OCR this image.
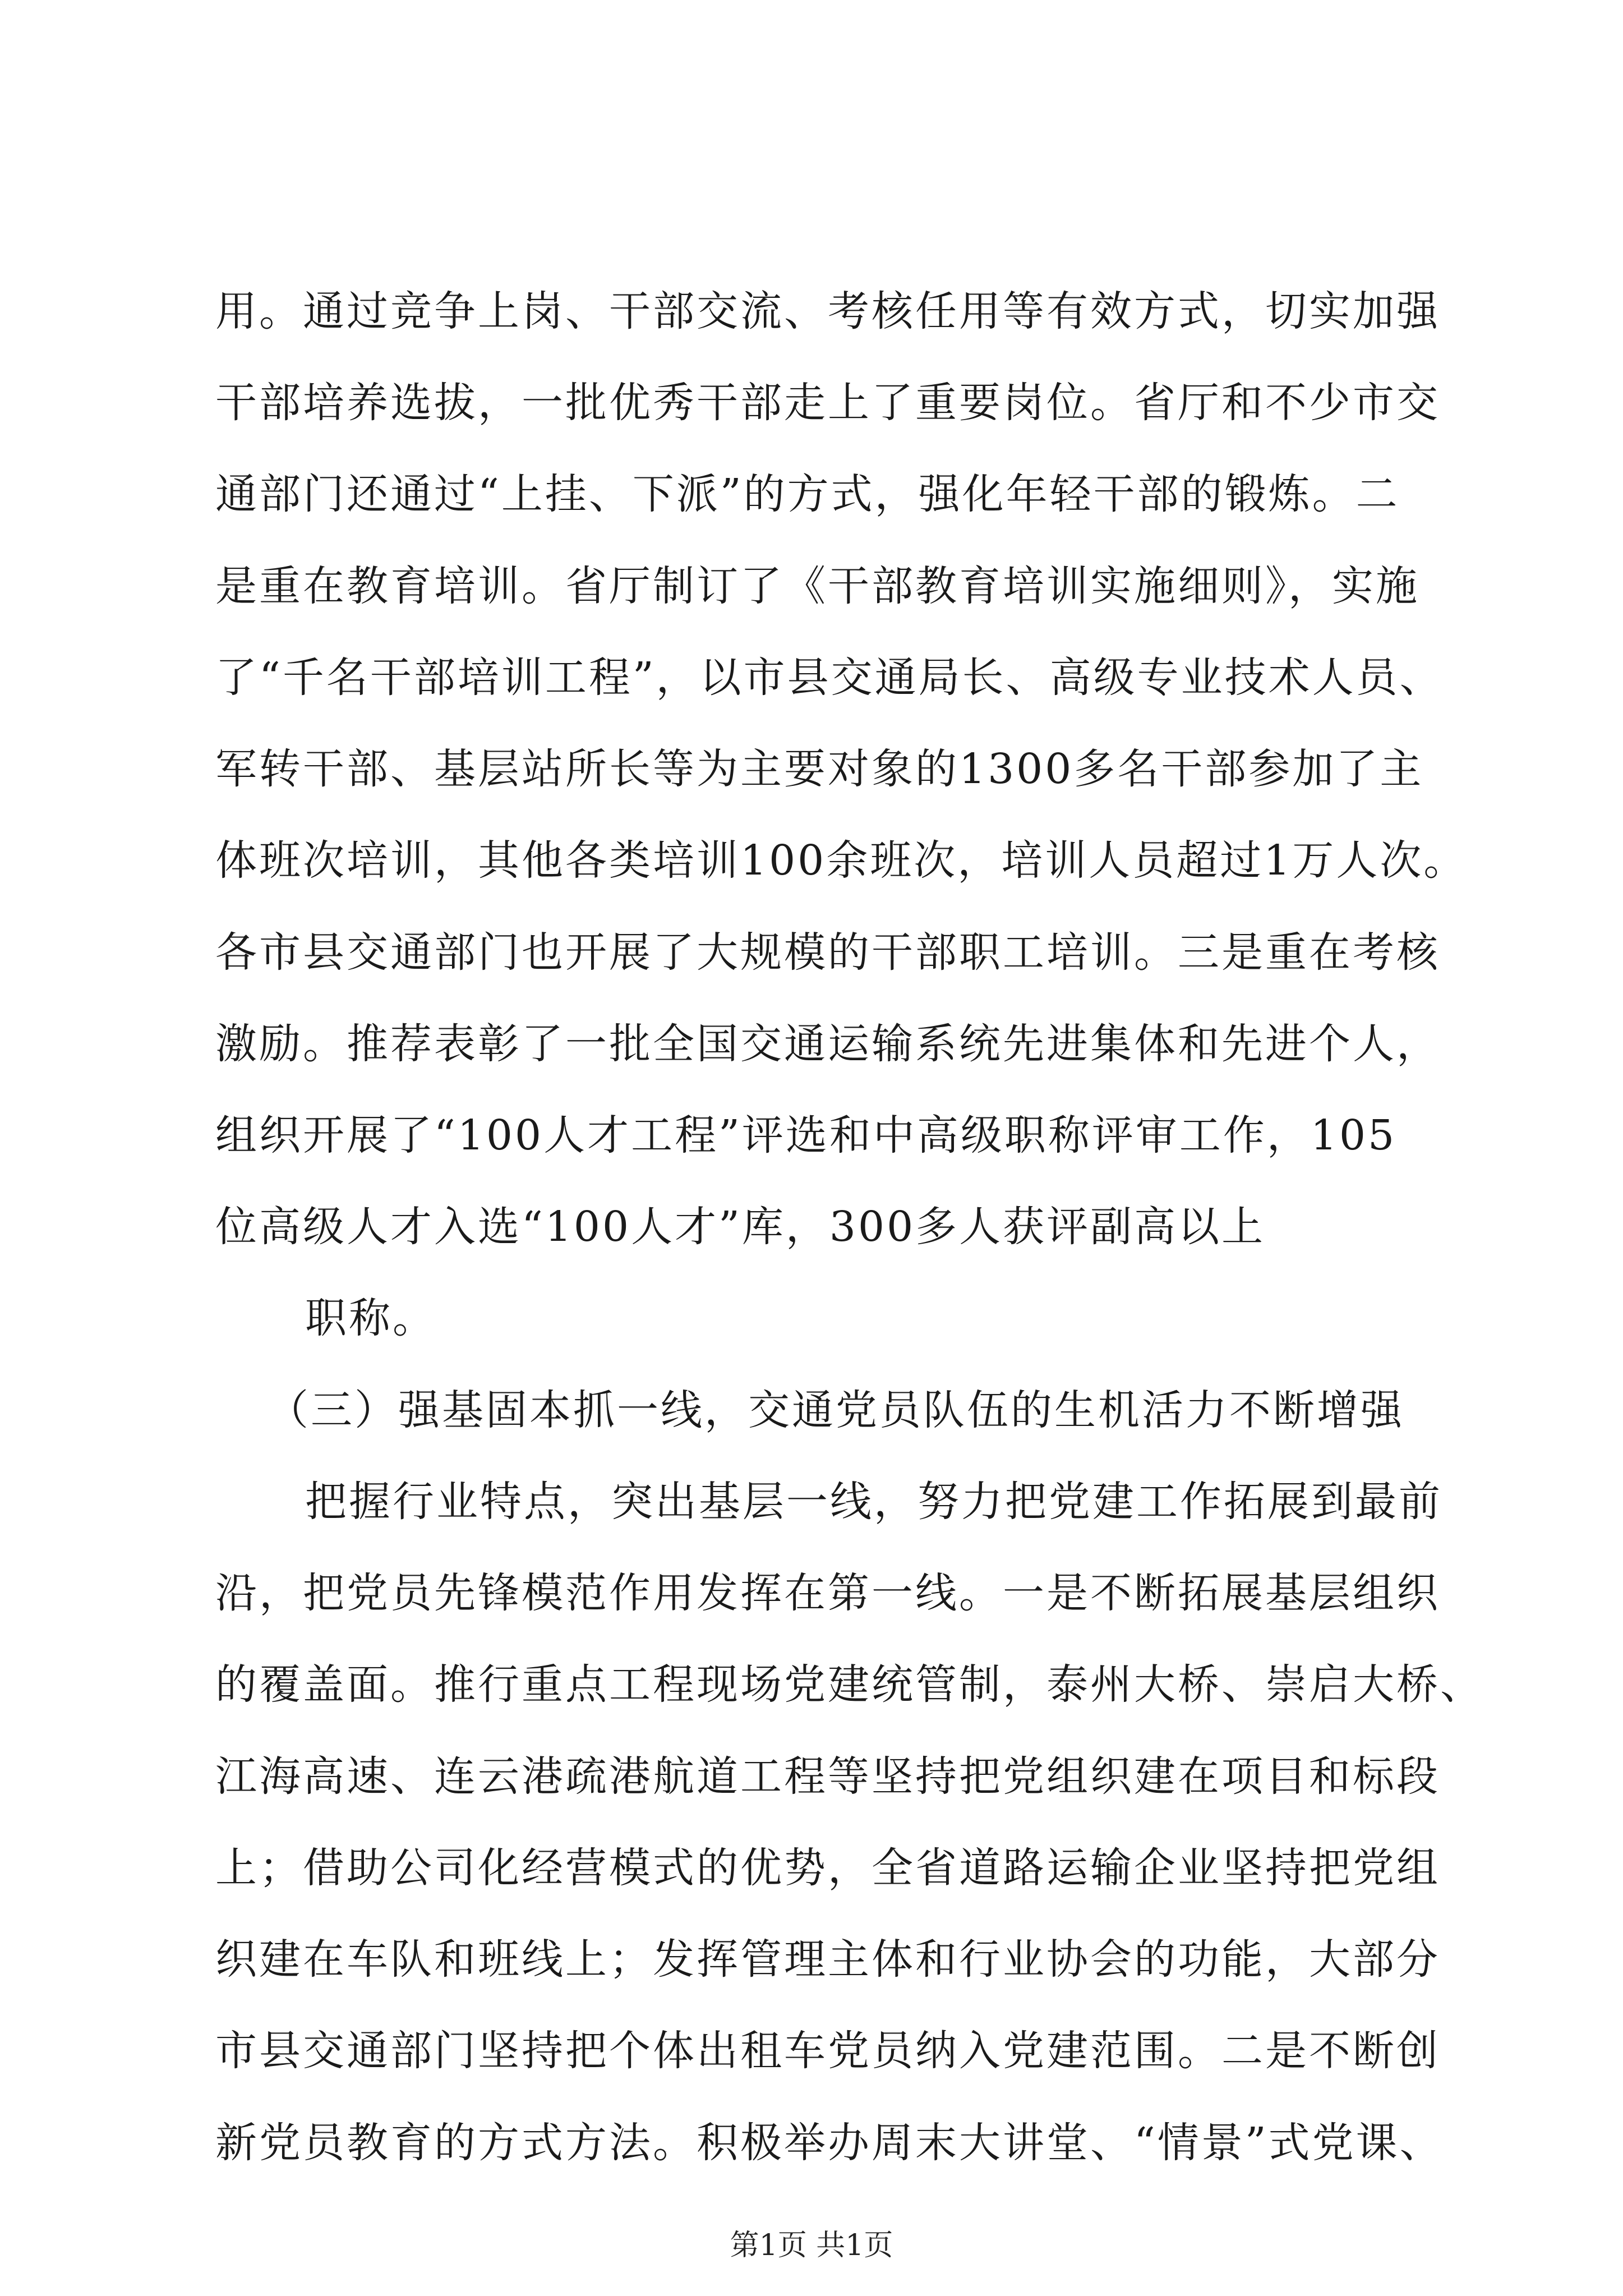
用。通过竞争上岗、干部交流、考核任用等有效方式，切实加强
干部培养选拔，一批优秀干部走上了重要岗位。省厅和不少市交
通部门还通过“上挂、下派”的方式，强化年轻干部的锻炼。二
是重在教育培训。省厅制订了《干部教育培训实施细则》，实施
了“千名干部培训工程”，以市县交通局长、高级专业技术人员、
军转干部、基层站所长等为主要对象的1300多名干部参加了主
体班次培训，其他各类培训100余班次，培训人员超过1万人次。
各市县交通部门也开展了大规模的干部职工培训。三是重在考核
激励。推荐表彰了一批全国交通运输系统先进集体和先进个人，
组织开展了“100人才工程”评选和中高级职称评审工作，105
位高级人才入选“100人才”库，300多人获评副高以上
职称。
（三）强基固本抓一线，交通党员队伍的生机活力不断增强
把握行业特点，突出基层一线，努力把党建工作拓展到最前
沿，把党员先锋模范作用发挥在第一线。一是不断拓展基层组织
的覆盖面。推行重点工程现场党建统管制，泰州大桥、崇启大桥、
江海高速、连云港疏港航道工程等坚持把党组织建在项目和标段
上；借助公司化经营模式的优势，全省道路运输企业坚持把党组
织建在车队和班线上；发挥管理主体和行业协会的功能，大部分
市县交通部门坚持把个体出租车党员纳入党建范围。二是不断创
新党员教育的方式方法。积极举办周末大讲堂、“情景”式党课、
第1页 共1页
